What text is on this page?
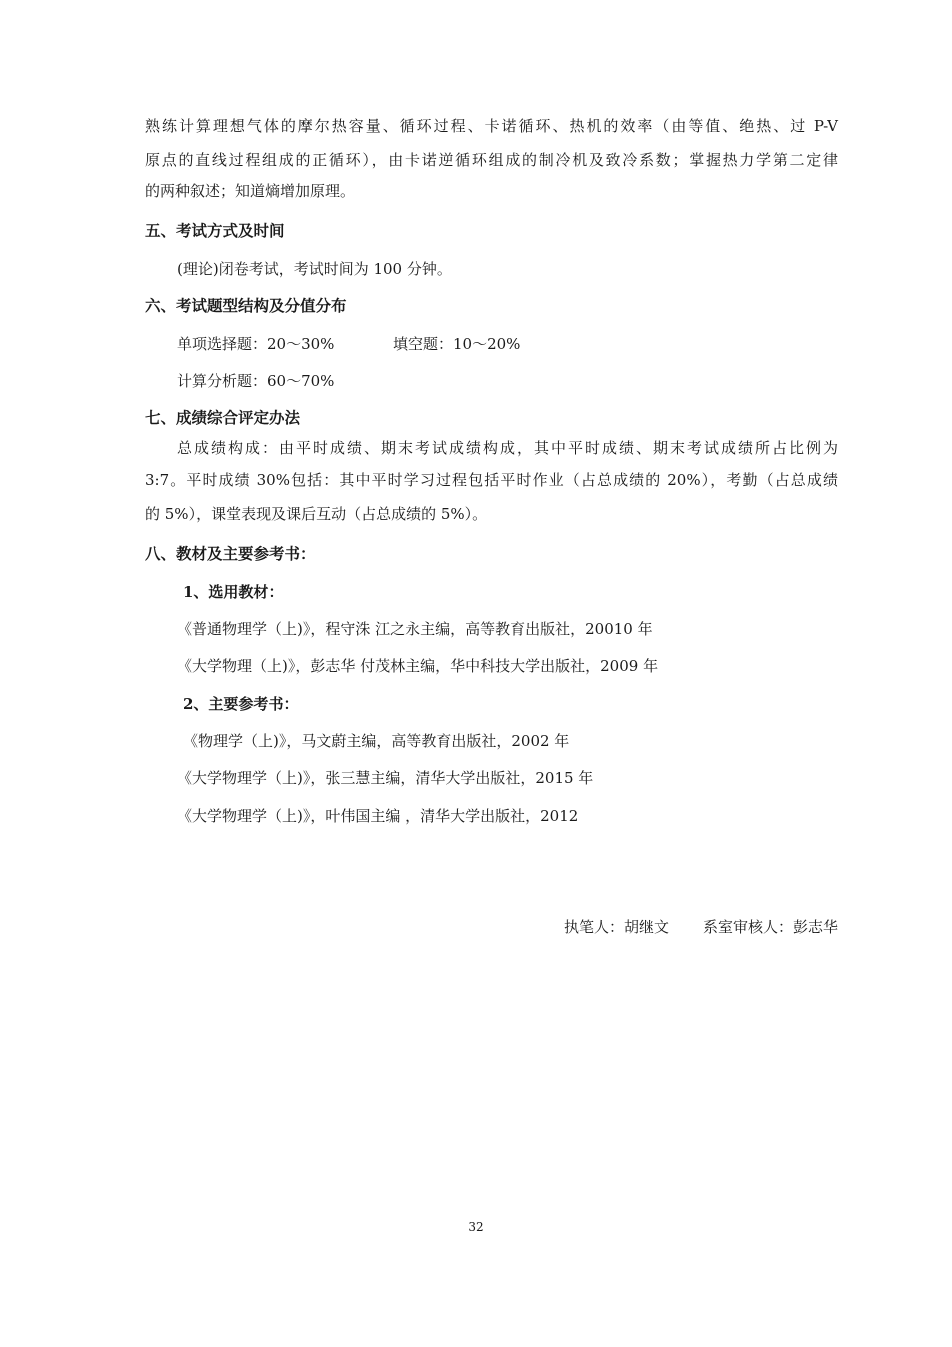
熟练计算理想气体的摩尔热容量、循环过程、卡诺循环、热机的效率（由等值、绝热、过 P-V
原点的直线过程组成的正循环），由卡诺逆循环组成的制冷机及致冷系数；掌握热力学第二定律
的两种叙述；知道熵增加原理。
五、考试方式及时间
(理论)闭卷考试，考试时间为 100 分钟。
六、考试题型结构及分值分布
单项选择题：20～30%	填空题：10～20%
计算分析题：60～70%
七、成绩综合评定办法
总成绩构成：由平时成绩、期末考试成绩构成，其中平时成绩、期末考试成绩所占比例为
3:7。平时成绩 30%包括：其中平时学习过程包括平时作业（占总成绩的 20%），考勤（占总成绩
的 5%），课堂表现及课后互动（占总成绩的 5%）。
八、教材及主要参考书：
1、选用教材：
《普通物理学（上)》，程守洙 江之永主编，高等教育出版社，20010 年
《大学物理（上)》，彭志华 付茂林主编，华中科技大学出版社，2009 年
2、主要参考书：
《物理学（上)》，马文蔚主编，高等教育出版社，2002 年
《大学物理学（上)》，张三慧主编，清华大学出版社，2015 年
《大学物理学（上)》，叶伟国主编 ，清华大学出版社，2012
执笔人：胡继文 系室审核人：彭志华
32
